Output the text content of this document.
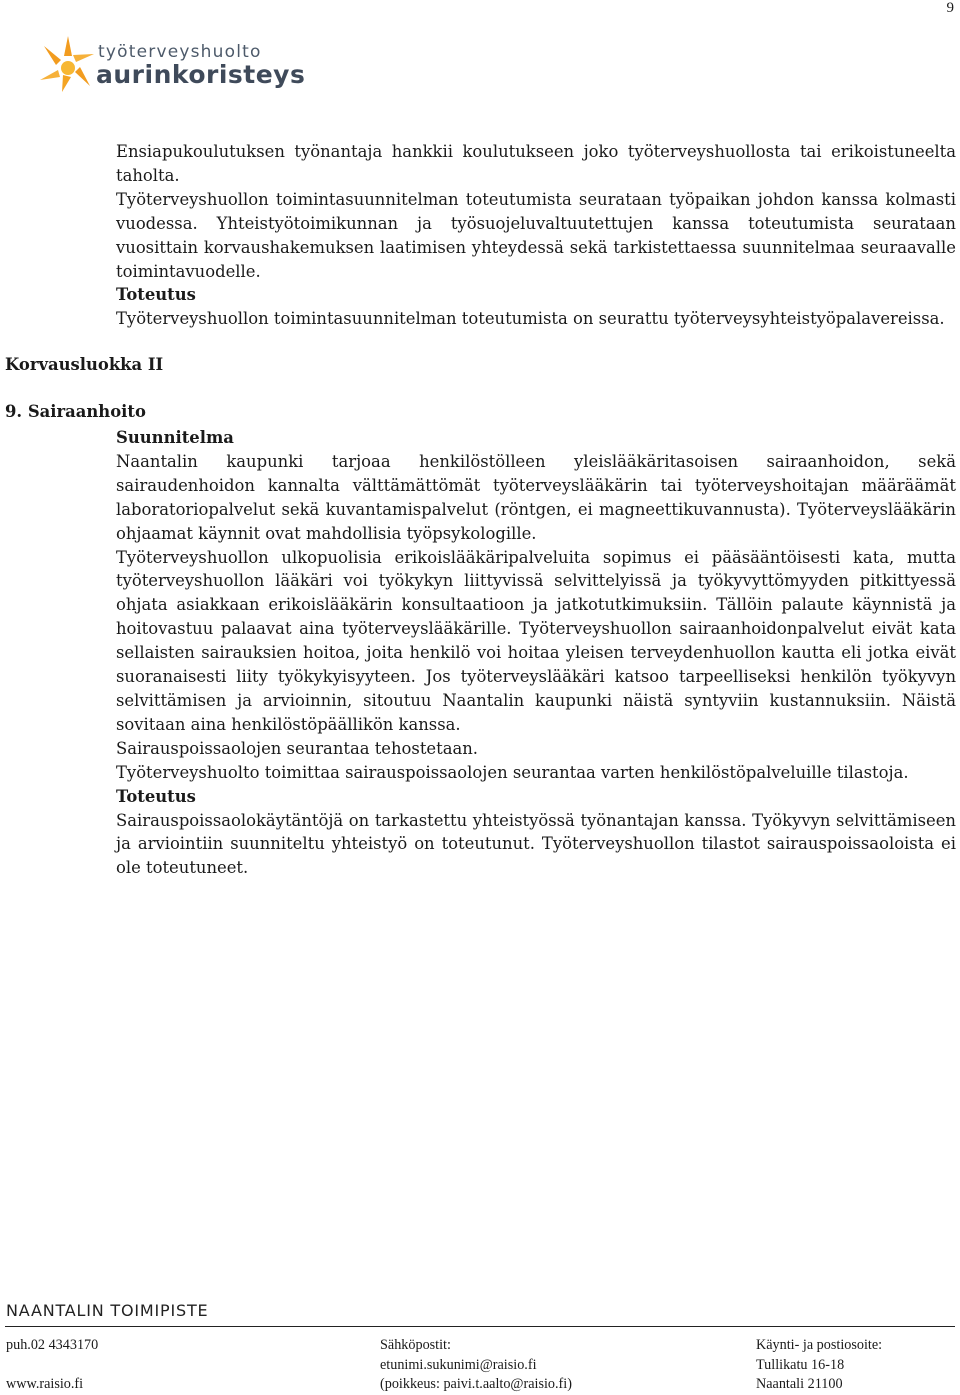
9
työterveyshuolto
aurinkoristeys

Ensiapukoulutuksen työnantaja hankkii koulutukseen joko työterveyshuollosta tai erikoistuneelta taholta.

Työterveyshuollon toimintasuunnitelman toteutumista seurataan työpaikan johdon kanssa kolmasti vuodessa. Yhteistyötoimikunnan ja työsuojeluvaltuutettujen kanssa toteutumista seurataan vuosittain korvaushakemuksen laatimisen yhteydessä sekä tarkistettaessa suunnitelmaa seuraavalle toimintavuodelle.

Toteutus

Työterveyshuollon toimintasuunnitelman toteutumista on seurattu työterveysyhteistyöpalavereissa.

Korvausluokka II
9. Sairaanhoito
Suunnitelma

Naantalin kaupunki tarjoaa henkilöstölleen yleislääkäritasoisen sairaanhoidon, sekä sairaudenhoidon kannalta välttämättömät työterveyslääkärin tai työterveyshoitajan määräämät laboratoriopalvelut sekä kuvantamispalvelut (röntgen, ei magneettikuvannusta). Työterveyslääkärin ohjaamat käynnit ovat mahdollisia työpsykologille.

Työterveyshuollon ulkopuolisia erikoislääkäripalveluita sopimus ei pääsääntöisesti kata, mutta työterveyshuollon lääkäri voi työkykyn liittyvissä selvittelyissä ja työkyvyttömyyden pitkittyessä ohjata asiakkaan erikoislääkärin konsultaatioon ja jatkotutkimuksiin. Tällöin palaute käynnistä ja hoitovastuu palaavat aina työterveyslääkärille. Työterveyshuollon sairaanhoidonpalvelut eivät kata sellaisten sairauksien hoitoa, joita henkilö voi hoitaa yleisen terveydenhuollon kautta eli jotka eivät suoranaisesti liity työkykyisyyteen. Jos työterveyslääkäri katsoo tarpeelliseksi henkilön työkyvyn selvittämisen ja arvioinnin, sitoutuu Naantalin kaupunki näistä syntyviin kustannuksiin. Näistä sovitaan aina henkilöstöpäällikön kanssa.

Sairauspoissaolojen seurantaa tehostetaan.

Työterveyshuolto toimittaa sairauspoissaolojen seurantaa varten henkilöstöpalveluille tilastoja.

Toteutus

Sairauspoissaolokäytäntöjä on tarkastettu yhteistyössä työnantajan kanssa. Työkyvyn selvittämiseen ja arviointiin suunniteltu yhteistyö on toteutunut. Työterveyshuollon tilastot sairauspoissaoloista ei ole toteutuneet.

NAANTALIN TOIMIPISTE
puh.02 4343170

www.raisio.fi
Sähköpostit:
etunimi.sukunimi@raisio.fi
(poikkeus: paivi.t.aalto@raisio.fi)
Käynti- ja postiosoite:
Tullikatu 16-18
Naantali 21100
